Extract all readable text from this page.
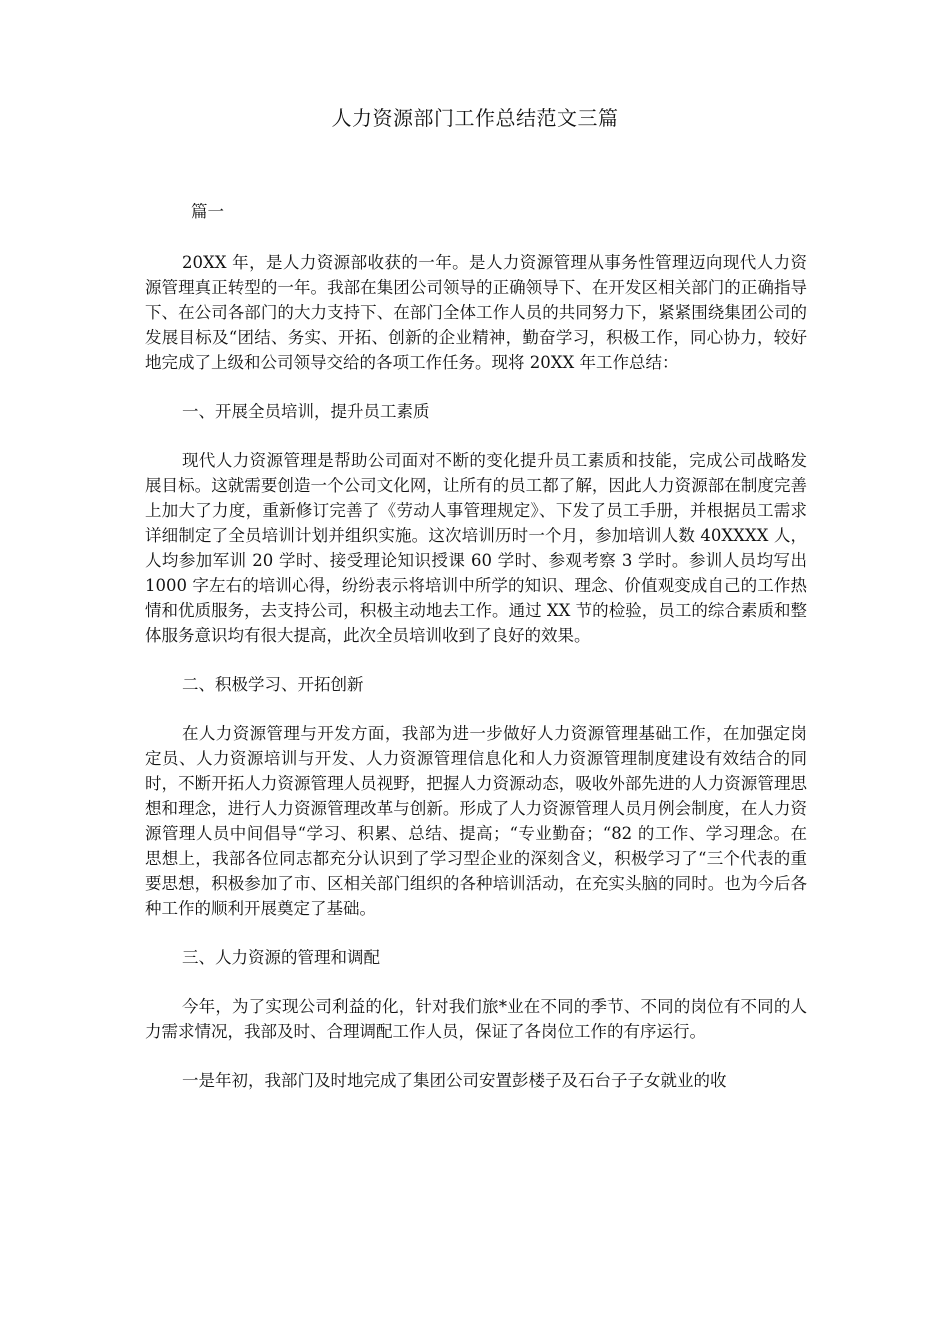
人力资源部门工作总结范文三篇

篇一

20XX 年，是人力资源部收获的一年。是人力资源管理从事务性管理迈向现代人力资源管理真正转型的一年。我部在集团公司领导的正确领导下、在开发区相关部门的正确指导下、在公司各部门的大力支持下、在部门全体工作人员的共同努力下，紧紧围绕集团公司的发展目标及“团结、务实、开拓、创新的企业精神，勤奋学习，积极工作，同心协力，较好地完成了上级和公司领导交给的各项工作任务。现将 20XX 年工作总结：

一、开展全员培训，提升员工素质

现代人力资源管理是帮助公司面对不断的变化提升员工素质和技能，完成公司战略发展目标。这就需要创造一个公司文化网，让所有的员工都了解，因此人力资源部在制度完善上加大了力度，重新修订完善了《劳动人事管理规定》、下发了员工手册，并根据员工需求详细制定了全员培训计划并组织实施。这次培训历时一个月，参加培训人数 40XXXX 人，人均参加军训 20 学时、接受理论知识授课 60 学时、参观考察 3 学时。参训人员均写出 1000 字左右的培训心得，纷纷表示将培训中所学的知识、理念、价值观变成自己的工作热情和优质服务，去支持公司，积极主动地去工作。通过 XX 节的检验，员工的综合素质和整体服务意识均有很大提高，此次全员培训收到了良好的效果。

二、积极学习、开拓创新

在人力资源管理与开发方面，我部为进一步做好人力资源管理基础工作，在加强定岗定员、人力资源培训与开发、人力资源管理信息化和人力资源管理制度建设有效结合的同时，不断开拓人力资源管理人员视野，把握人力资源动态，吸收外部先进的人力资源管理思想和理念，进行人力资源管理改革与创新。形成了人力资源管理人员月例会制度，在人力资源管理人员中间倡导“学习、积累、总结、提高；“专业勤奋；“82 的工作、学习理念。在思想上，我部各位同志都充分认识到了学习型企业的深刻含义，积极学习了“三个代表的重要思想，积极参加了市、区相关部门组织的各种培训活动，在充实头脑的同时。也为今后各种工作的顺利开展奠定了基础。

三、人力资源的管理和调配

今年，为了实现公司利益的化，针对我们旅*业在不同的季节、不同的岗位有不同的人力需求情况，我部及时、合理调配工作人员，保证了各岗位工作的有序运行。

一是年初，我部门及时地完成了集团公司安置彭楼子及石台子子女就业的收
